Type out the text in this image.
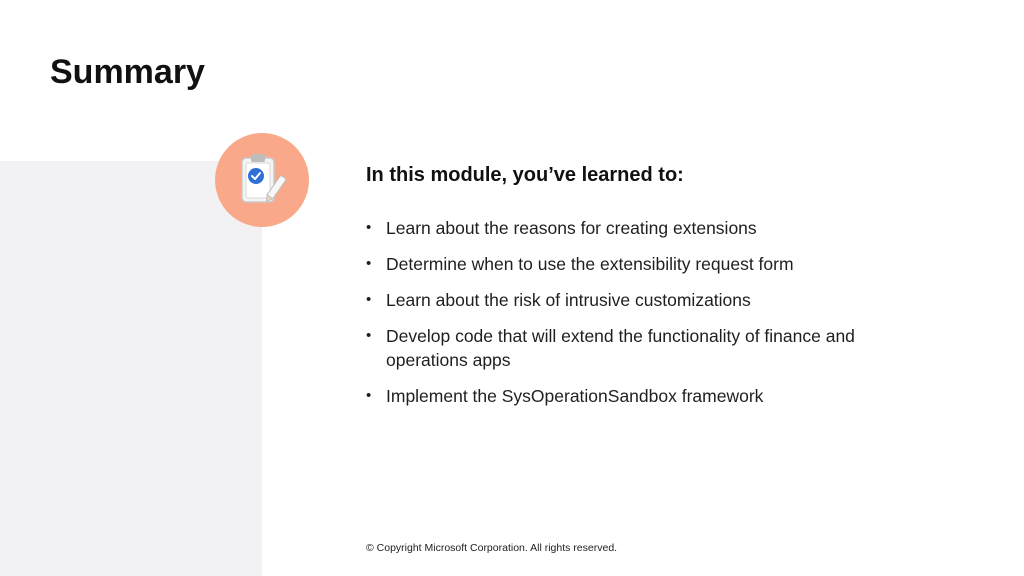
Summary
In this module, you’ve learned to:
• Learn about the reasons for creating extensions
• Determine when to use the extensibility request form
• Learn about the risk of intrusive customizations
• Develop code that will extend the functionality of finance and operations apps
• Implement the SysOperationSandbox framework
© Copyright Microsoft Corporation. All rights reserved.
